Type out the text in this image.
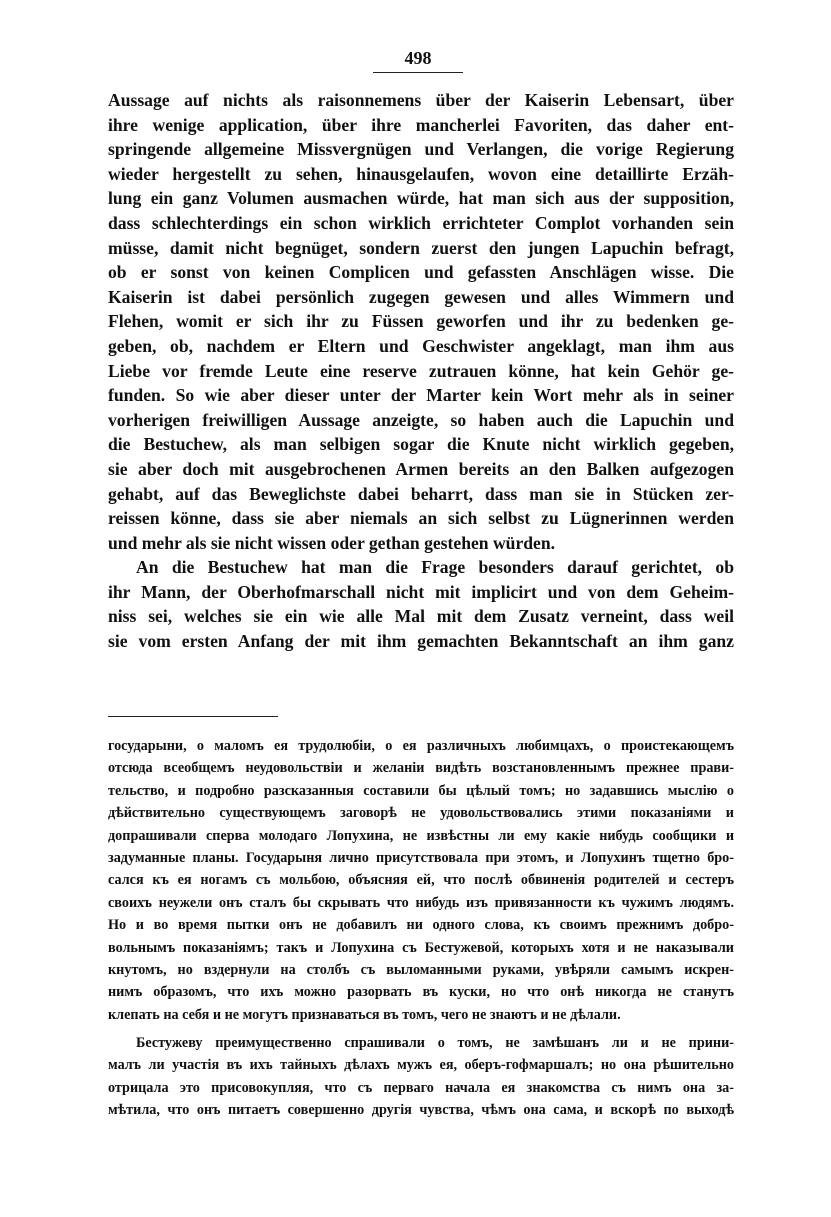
498
Aussage auf nichts als raisonnemens über der Kaiserin Lebensart, über
ihre wenige application, über ihre mancherlei Favoriten, das daher ent-
springende allgemeine Missvergnügen und Verlangen, die vorige Regierung
wieder hergestellt zu sehen, hinausgelaufen, wovon eine detaillirte Erzäh-
lung ein ganz Volumen ausmachen würde, hat man sich aus der supposition,
dass schlechterdings ein schon wirklich errichteter Complot vorhanden sein
müsse, damit nicht begnüget, sondern zuerst den jungen Lapuchin befragt,
ob er sonst von keinen Complicen und gefassten Anschlägen wisse. Die
Kaiserin ist dabei persönlich zugegen gewesen und alles Wimmern und
Flehen, womit er sich ihr zu Füssen geworfen und ihr zu bedenken ge-
geben, ob, nachdem er Eltern und Geschwister angeklagt, man ihm aus
Liebe vor fremde Leute eine reserve zutrauen könne, hat kein Gehör ge-
funden. So wie aber dieser unter der Marter kein Wort mehr als in seiner
vorherigen freiwilligen Aussage anzeigte, so haben auch die Lapuchin und
die Bestuchew, als man selbigen sogar die Knute nicht wirklich gegeben,
sie aber doch mit ausgebrochenen Armen bereits an den Balken aufgezogen
gehabt, auf das Beweglichste dabei beharrt, dass man sie in Stücken zer-
reissen könne, dass sie aber niemals an sich selbst zu Lügnerinnen werden
und mehr als sie nicht wissen oder gethan gestehen würden.
An die Bestuchew hat man die Frage besonders darauf gerichtet, ob
ihr Mann, der Oberhofmarschall nicht mit implicirt und von dem Geheim-
niss sei, welches sie ein wie alle Mal mit dem Zusatz verneint, dass weil
sie vom ersten Anfang der mit ihm gemachten Bekanntschaft an ihm ganz
государыни, о маломъ ея трудолюбіи, о ея различныхъ любимцахъ, о проистекающемъ
отсюда всеобщемъ неудовольствіи и желаніи видѣть возстановленнымъ прежнее прави-
тельство, и подробно разсказанныя составили бы цѣлый томъ; но задавшись мыслію о
дѣйствительно существующемъ заговорѣ не удовольствовались этими показаніями и
допрашивали сперва молодаго Лопухина, не извѣстны ли ему какіе нибудь сообщики и
задуманные планы. Государыня лично присутствовала при этомъ, и Лопухинъ тщетно бро-
сался къ ея ногамъ съ мольбою, объясняя ей, что послѣ обвиненія родителей и сестеръ
своихъ неужели онъ сталъ бы скрывать что нибудь изъ привязанности къ чужимъ людямъ.
Но и во время пытки онъ не добавилъ ни одного слова, къ своимъ прежнимъ добро-
вольнымъ показаніямъ; такъ и Лопухина съ Бестужевой, которыхъ хотя и не наказывали
кнутомъ, но вздернули на столбъ съ выломанными руками, увѣряли самымъ искрен-
нимъ образомъ, что ихъ можно разорвать въ куски, но что онѣ никогда не станутъ
клепать на себя и не могутъ признаваться въ томъ, чего не знаютъ и не дѣлали.
Бестужеву преимущественно спрашивали о томъ, не замѣшанъ ли и не прини-
малъ ли участія въ ихъ тайныхъ дѣлахъ мужъ ея, оберъ-гофмаршалъ; но она рѣшительно
отрицала это присовокупляя, что съ перваго начала ея знакомства съ нимъ она за-
мѣтила, что онъ питаетъ совершенно другія чувства, чѣмъ она сама, и вскорѣ по выходѣ
